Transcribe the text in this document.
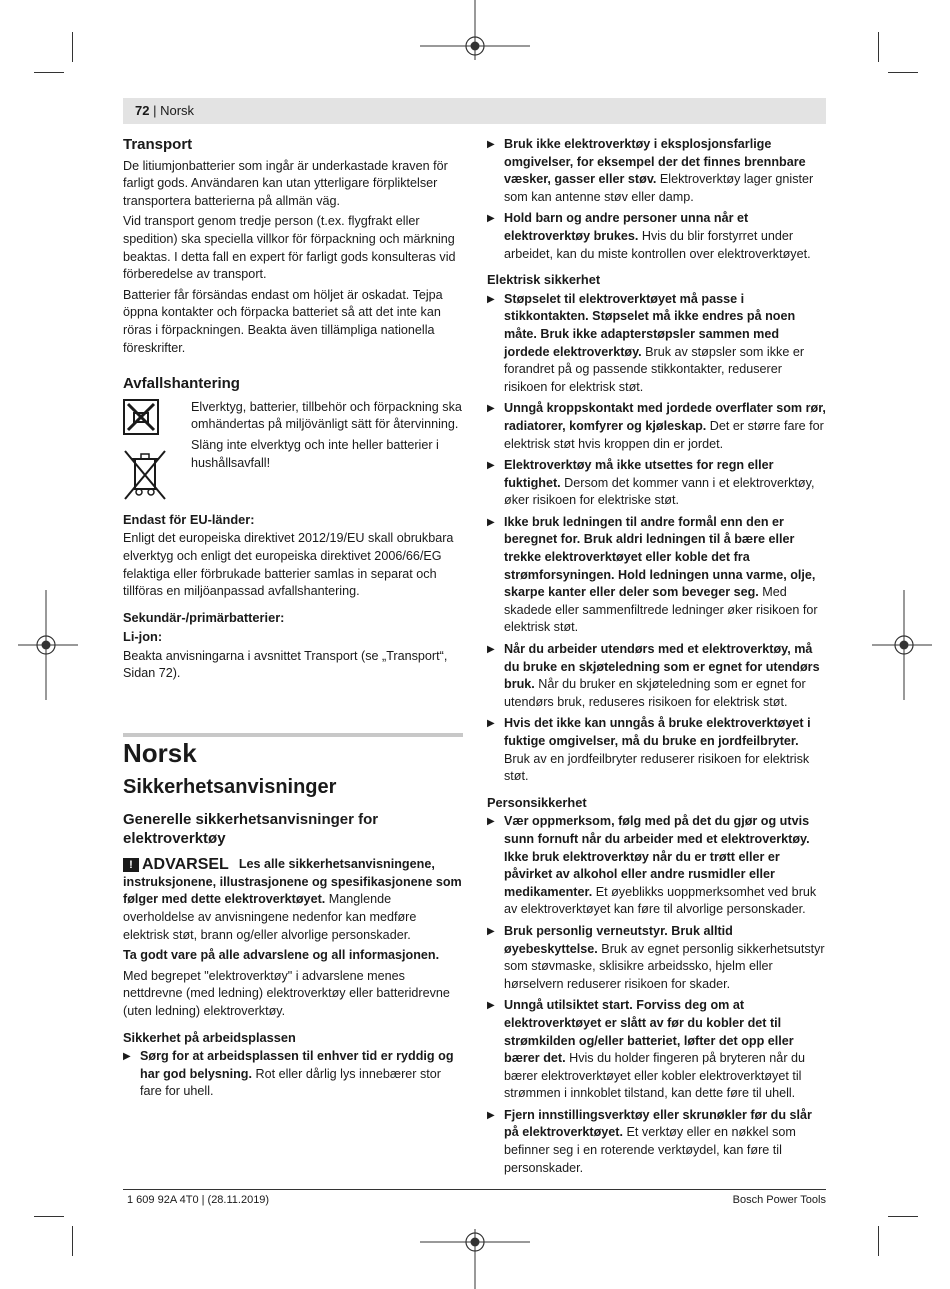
72 | Norsk
Transport

De litiumjonbatterier som ingår är underkastade kraven för farligt gods. Användaren kan utan ytterligare förpliktelser transportera batterierna på allmän väg.

Vid transport genom tredje person (t.ex. flygfrakt eller spedition) ska speciella villkor för förpackning och märkning beaktas. I detta fall en expert för farligt gods konsulteras vid förberedelse av transport.

Batterier får försändas endast om höljet är oskadat. Tejpa öppna kontakter och förpacka batteriet så att det inte kan röras i förpackningen. Beakta även tillämpliga nationella föreskrifter.

Avfallshantering

Elverktyg, batterier, tillbehör och förpackning ska omhändertas på miljövänligt sätt för återvinning.

Släng inte elverktyg och inte heller batterier i hushållsavfall!

Endast för EU-länder:

Enligt det europeiska direktivet 2012/19/EU skall obrukbara elverktyg och enligt det europeiska direktivet 2006/66/EG felaktiga eller förbrukade batterier samlas in separat och tillföras en miljöanpassad avfallshantering.

Sekundär-/primärbatterier:
Li-jon:

Beakta anvisningarna i avsnittet Transport (se „Transport“, Sidan 72).

Norsk
Sikkerhetsanvisninger
Generelle sikkerhetsanvisninger for elektroverktøy

! ADVARSEL Les alle sikkerhetsanvisningene, instruksjonene, illustrasjonene og spesifikasjonene som følger med dette elektroverktøyet. Manglende overholdelse av anvisningene nedenfor kan medføre elektrisk støt, brann og/eller alvorlige personskader.

Ta godt vare på alle advarslene og all informasjonen.

Med begrepet "elektroverktøy" i advarslene menes nettdrevne (med ledning) elektroverktøy eller batteridrevne (uten ledning) elektroverktøy.

Sikkerhet på arbeidsplassen
▶ Sørg for at arbeidsplassen til enhver tid er ryddig og har god belysning. Rot eller dårlig lys innebærer stor fare for uhell.
▶ Bruk ikke elektroverktøy i eksplosjonsfarlige omgivelser, for eksempel der det finnes brennbare væsker, gasser eller støv. Elektroverktøy lager gnister som kan antenne støv eller damp.
▶ Hold barn og andre personer unna når et elektroverktøy brukes. Hvis du blir forstyrret under arbeidet, kan du miste kontrollen over elektroverktøyet.
Elektrisk sikkerhet
▶ Støpselet til elektroverktøyet må passe i stikkontakten. Støpselet må ikke endres på noen måte. Bruk ikke adapterstøpsler sammen med jordede elektroverktøy. Bruk av støpsler som ikke er forandret på og passende stikkontakter, reduserer risikoen for elektrisk støt.
▶ Unngå kroppskontakt med jordede overflater som rør, radiatorer, komfyrer og kjøleskap. Det er større fare for elektrisk støt hvis kroppen din er jordet.
▶ Elektroverktøy må ikke utsettes for regn eller fuktighet. Dersom det kommer vann i et elektroverktøy, øker risikoen for elektriske støt.
▶ Ikke bruk ledningen til andre formål enn den er beregnet for. Bruk aldri ledningen til å bære eller trekke elektroverktøyet eller koble det fra strømforsyningen. Hold ledningen unna varme, olje, skarpe kanter eller deler som beveger seg. Med skadede eller sammenfiltrede ledninger øker risikoen for elektrisk støt.
▶ Når du arbeider utendørs med et elektroverktøy, må du bruke en skjøteledning som er egnet for utendørs bruk. Når du bruker en skjøteledning som er egnet for utendørs bruk, reduseres risikoen for elektrisk støt.
▶ Hvis det ikke kan unngås å bruke elektroverktøyet i fuktige omgivelser, må du bruke en jordfeilbryter. Bruk av en jordfeilbryter reduserer risikoen for elektrisk støt.
Personsikkerhet
▶ Vær oppmerksom, følg med på det du gjør og utvis sunn fornuft når du arbeider med et elektroverktøy. Ikke bruk elektroverktøy når du er trøtt eller er påvirket av alkohol eller andre rusmidler eller medikamenter. Et øyeblikks uoppmerksomhet ved bruk av elektroverktøyet kan føre til alvorlige personskader.
▶ Bruk personlig verneutstyr. Bruk alltid øyebeskyttelse. Bruk av egnet personlig sikkerhetsutstyr som støvmaske, sklisikre arbeidssko, hjelm eller hørselvern reduserer risikoen for skader.
▶ Unngå utilsiktet start. Forviss deg om at elektroverktøyet er slått av før du kobler det til strømkilden og/eller batteriet, løfter det opp eller bærer det. Hvis du holder fingeren på bryteren når du bærer elektroverktøyet eller kobler elektroverktøyet til strømmen i innkoblet tilstand, kan dette føre til uhell.
▶ Fjern innstillingsverktøy eller skrunøkler før du slår på elektroverktøyet. Et verktøy eller en nøkkel som befinner seg i en roterende verktøydel, kan føre til personskader.
1 609 92A 4T0 | (28.11.2019)	Bosch Power Tools
